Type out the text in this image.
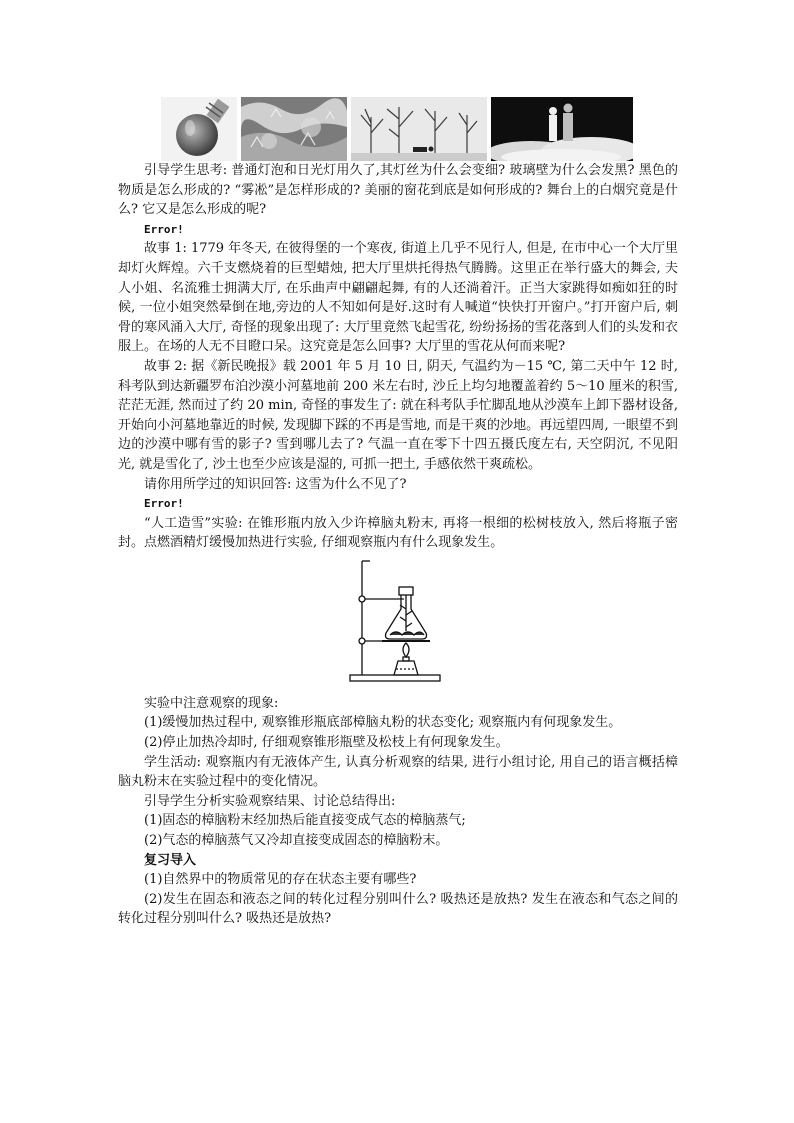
引导学生思考: 普通灯泡和日光灯用久了,其灯丝为什么会变细? 玻璃壁为什么会发黑? 黑色的物质是怎么形成的? “雾凇”是怎样形成的? 美丽的窗花到底是如何形成的? 舞台上的白烟究竟是什么? 它又是怎么形成的呢?

Error!

故事 1: 1779 年冬天, 在彼得堡的一个寒夜, 街道上几乎不见行人, 但是, 在市中心一个大厅里却灯火辉煌。六千支燃烧着的巨型蜡烛, 把大厅里烘托得热气腾腾。这里正在举行盛大的舞会, 夫人小姐、名流雅士拥满大厅, 在乐曲声中翩翩起舞, 有的人还淌着汗。正当大家跳得如痴如狂的时候, 一位小姐突然晕倒在地,旁边的人不知如何是好.这时有人喊道“快快打开窗户。”打开窗户后, 刺骨的寒风涌入大厅, 奇怪的现象出现了: 大厅里竟然飞起雪花, 纷纷扬扬的雪花落到人们的头发和衣服上。在场的人无不目瞪口呆。这究竟是怎么回事? 大厅里的雪花从何而来呢?

故事 2: 据《新民晚报》载 2001 年 5 月 10 日, 阴天, 气温约为－15 ℃, 第二天中午 12 时, 科考队到达新疆罗布泊沙漠小河墓地前 200 米左右时, 沙丘上均匀地覆盖着约 5～10 厘米的积雪, 茫茫无涯, 然而过了约 20 min, 奇怪的事发生了: 就在科考队手忙脚乱地从沙漠车上卸下器材设备, 开始向小河墓地靠近的时候, 发现脚下踩的不再是雪地, 而是干爽的沙地。再远望四周, 一眼望不到边的沙漠中哪有雪的影子? 雪到哪儿去了? 气温一直在零下十四五摄氏度左右, 天空阴沉, 不见阳光, 就是雪化了, 沙土也至少应该是湿的, 可抓一把土, 手感依然干爽疏松。

请你用所学过的知识回答: 这雪为什么不见了?

Error!

“人工造雪”实验: 在锥形瓶内放入少许樟脑丸粉末, 再将一根细的松树枝放入, 然后将瓶子密封。点燃酒精灯缓慢加热进行实验, 仔细观察瓶内有什么现象发生。

实验中注意观察的现象:

(1)缓慢加热过程中, 观察锥形瓶底部樟脑丸粉的状态变化; 观察瓶内有何现象发生。

(2)停止加热冷却时, 仔细观察锥形瓶壁及松枝上有何现象发生。

学生活动: 观察瓶内有无液体产生, 认真分析观察的结果, 进行小组讨论, 用自己的语言概括樟脑丸粉末在实验过程中的变化情况。

引导学生分析实验观察结果、讨论总结得出:

(1)固态的樟脑粉末经加热后能直接变成气态的樟脑蒸气;

(2)气态的樟脑蒸气又冷却直接变成固态的樟脑粉末。

复习导入

(1)自然界中的物质常见的存在状态主要有哪些?

(2)发生在固态和液态之间的转化过程分别叫什么? 吸热还是放热? 发生在液态和气态之间的转化过程分别叫什么? 吸热还是放热?
